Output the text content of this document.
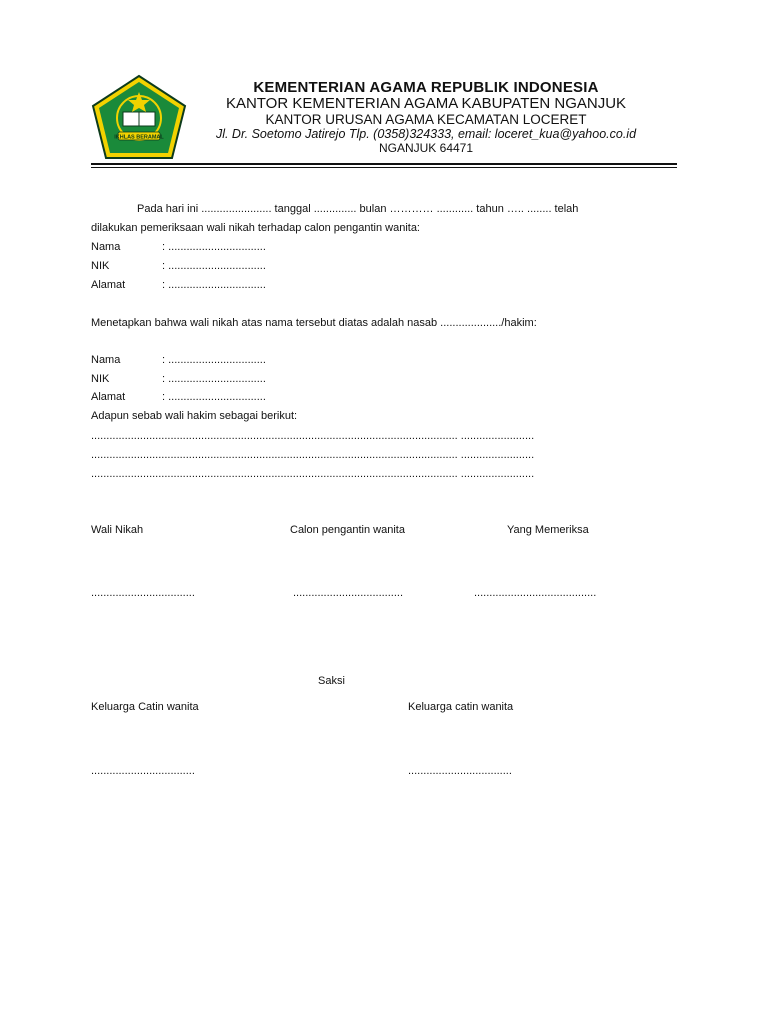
IKHLAS BERAMAL
KEMENTERIAN AGAMA REPUBLIK INDONESIA
KANTOR KEMENTERIAN AGAMA KABUPATEN NGANJUK
KANTOR URUSAN AGAMA KECAMATAN LOCERET
Jl. Dr. Soetomo Jatirejo Tlp. (0358)324333, email: loceret_kua@yahoo.co.id
NGANJUK 64471
Pada hari ini ....................... tanggal .............. bulan ………… ............ tahun ….. ........ telah
dilakukan pemeriksaan wali nikah terhadap calon pengantin wanita:
Nama	: ................................
NIK	: ................................
Alamat	: ................................
Menetapkan bahwa wali nikah atas nama tersebut diatas adalah nasab ..................../hakim:
Nama	: ................................
NIK	: ................................
Alamat	: ................................
Adapun sebab wali hakim sebagai berikut:
........................................................................................................................ ........................
........................................................................................................................ ........................
........................................................................................................................ ........................
Wali Nikah	Calon pengantin wanita	Yang Memeriksa
..................................	....................................	........................................
Saksi
Keluarga Catin wanita	Keluarga catin wanita
..................................	..................................
